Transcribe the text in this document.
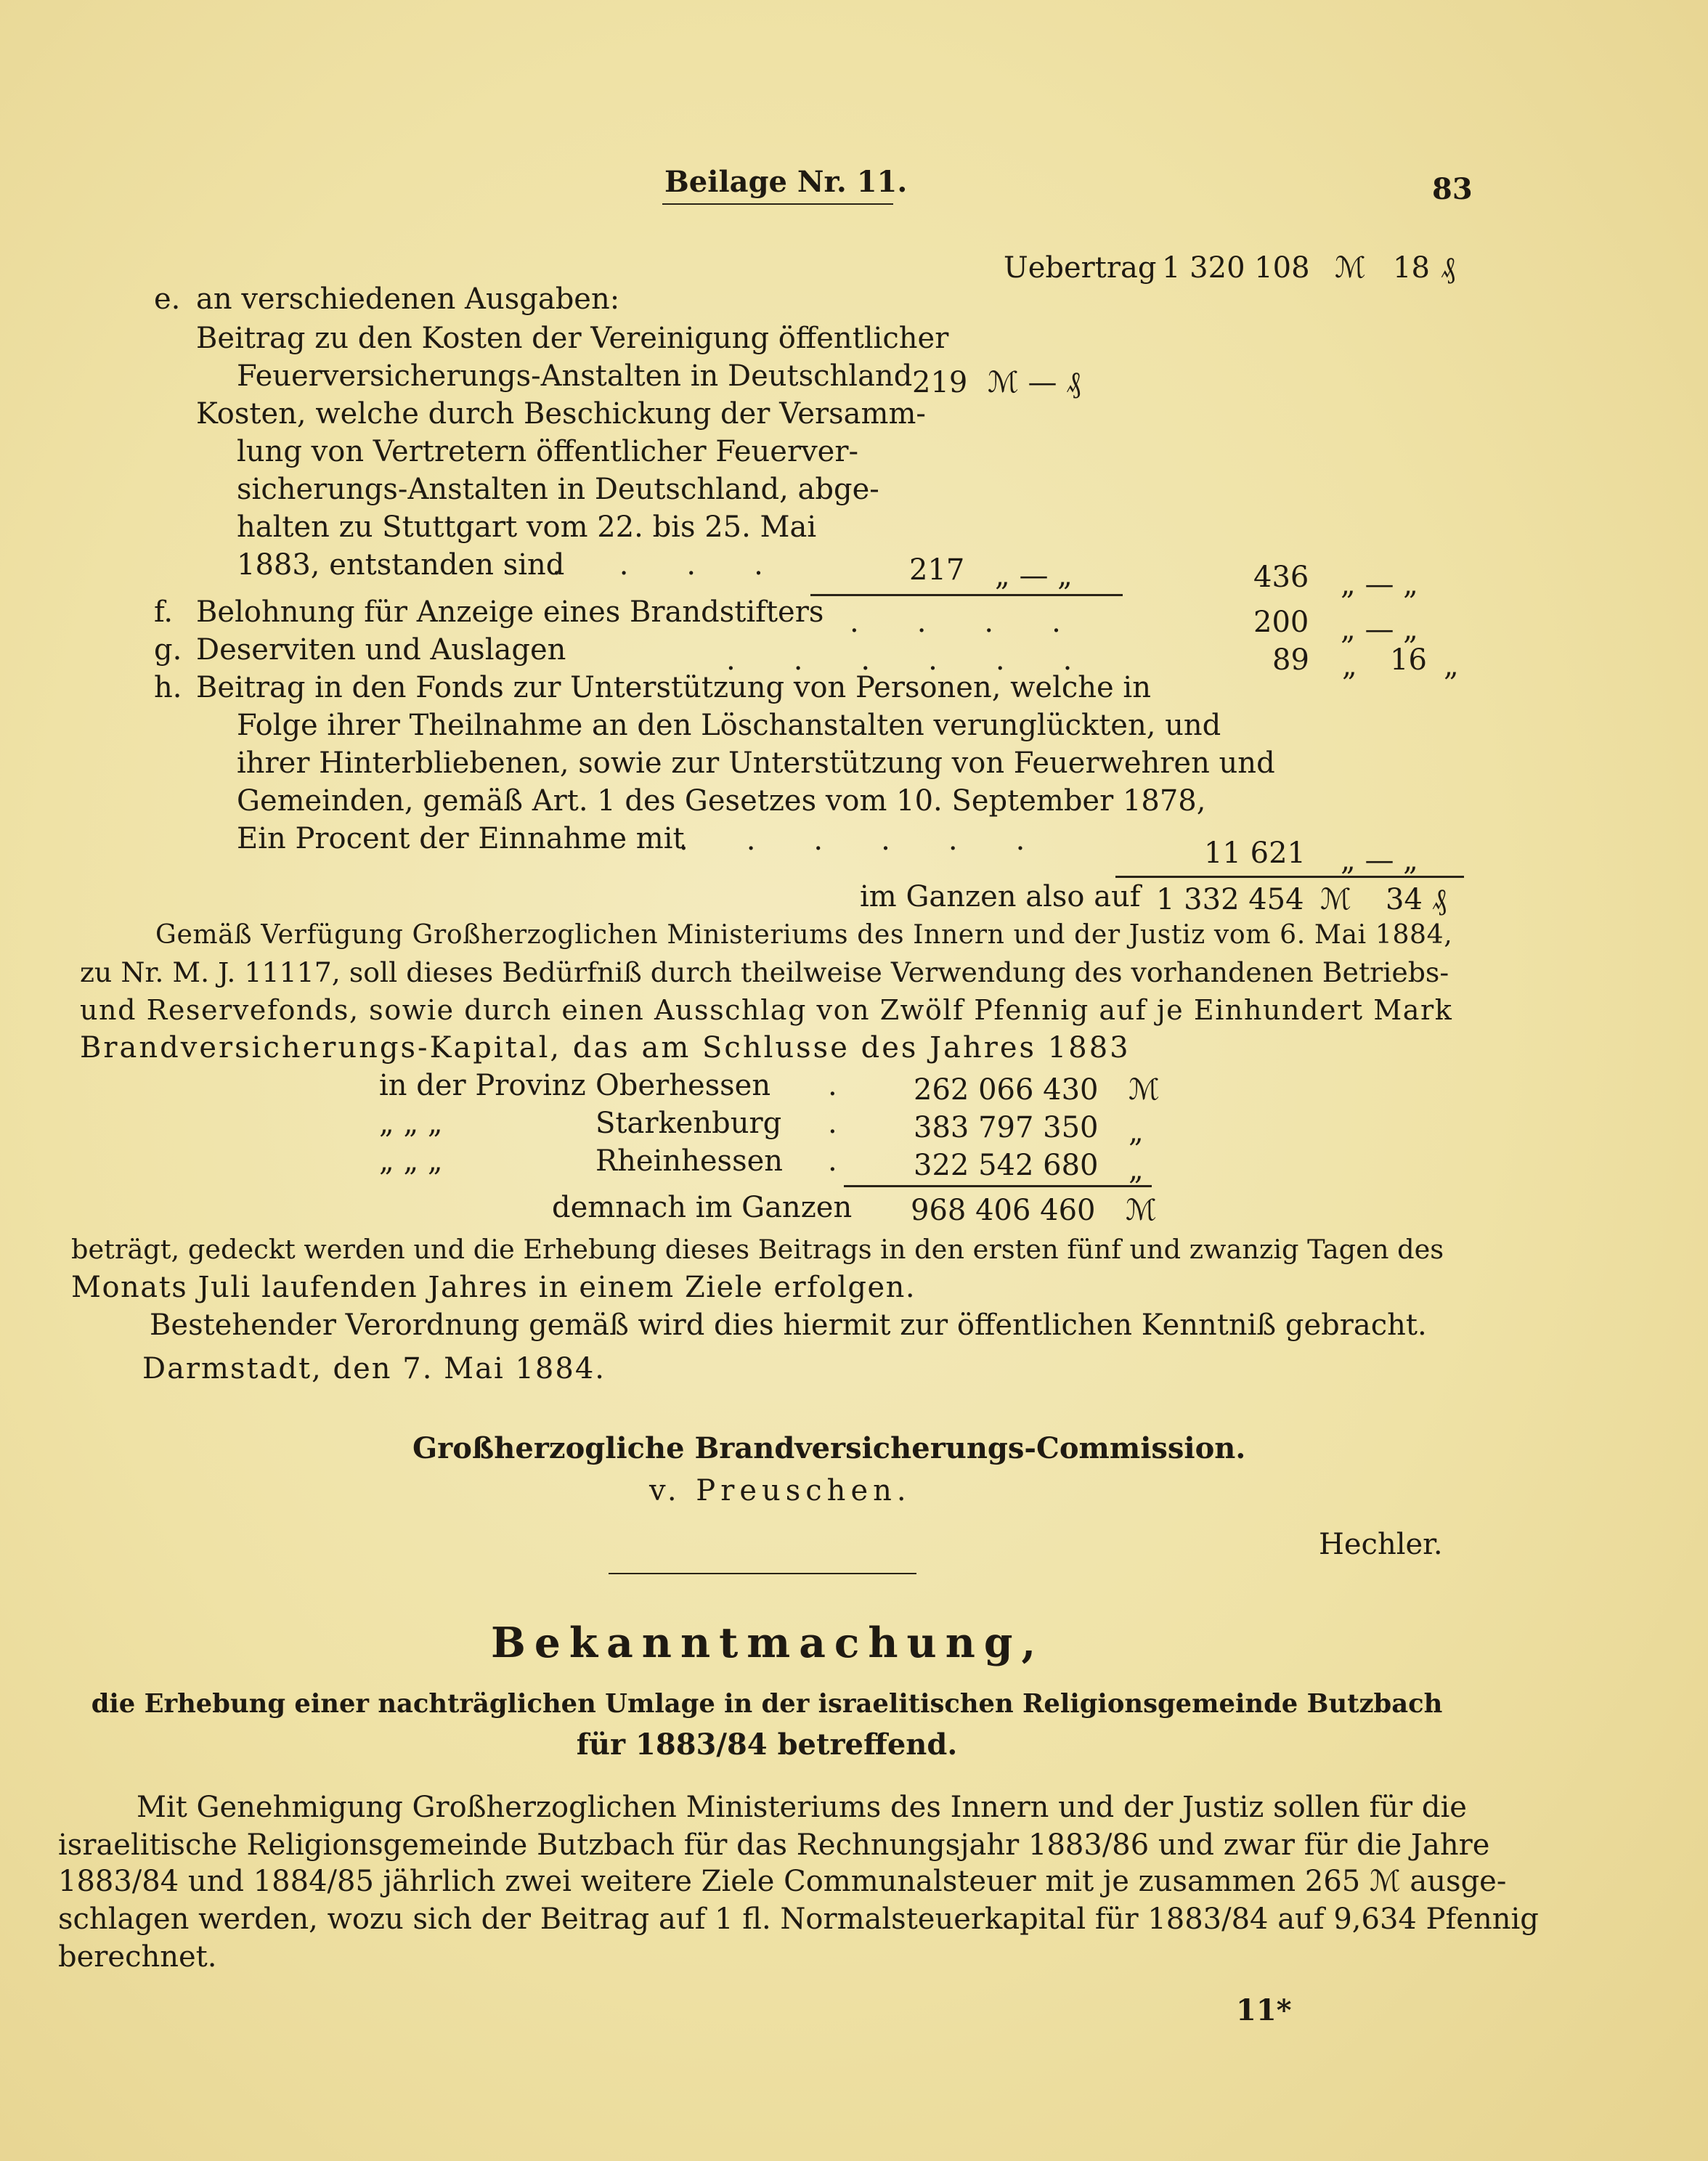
Beilage Nr. 11.	83
Uebertrag 1 320 108 ℳ 18 ₰
e. an verschiedenen Ausgaben:
Beitrag zu den Kosten der Vereinigung öffentlicher
Feuerversicherungs-Anstalten in Deutschland 219 ℳ — ₰
Kosten, welche durch Beschickung der Versamm-
lung von Vertretern öffentlicher Feuerver-
sicherungs-Anstalten in Deutschland, abge-
halten zu Stuttgart vom 22. bis 25. Mai
1883, entstanden sind
.  .  .  .	217 „ — „	436 „ — „
f. Belohnung für Anzeige eines Brandstifters .  .  .  .	200 „ — „
g. Deserviten und Auslagen	.  .  .  .  .  .	89 „ 16 „
h. Beitrag in den Fonds zur Unterstützung von Personen, welche in
Folge ihrer Theilnahme an den Löschanstalten verunglückten, und
ihrer Hinterbliebenen, sowie zur Unterstützung von Feuerwehren und
Gemeinden, gemäß Art. 1 des Gesetzes vom 10. September 1878,
Ein Procent der Einnahme mit
.  .  .  .  .  .	11 621 „ — „
im Ganzen also auf 1 332 454 ℳ 34 ₰
Gemäß Verfügung Großherzoglichen Ministeriums des Innern und der Justiz vom 6. Mai 1884,
zu Nr. M. J. 11117, soll dieses Bedürfniß durch theilweise Verwendung des vorhandenen Betriebs-
und Reservefonds, sowie durch einen Ausschlag von Zwölf Pfennig auf je Einhundert Mark
Brandversicherungs-Kapital, das am Schlusse des Jahres 1883
in der Provinz Oberhessen .	262 066 430 ℳ
„ „ „	Starkenburg .	383 797 350 „
„ „ „	Rheinhessen .	322 542 680 „
demnach im Ganzen 968 406 460 ℳ
beträgt, gedeckt werden und die Erhebung dieses Beitrags in den ersten fünf und zwanzig Tagen des
Monats Juli laufenden Jahres in einem Ziele erfolgen.
Bestehender Verordnung gemäß wird dies hiermit zur öffentlichen Kenntniß gebracht.
Darmstadt, den 7. Mai 1884.
Großherzogliche Brandversicherungs-Commission.
v. Preuschen.
Hechler.
Bekanntmachung,
die Erhebung einer nachträglichen Umlage in der israelitischen Religionsgemeinde Butzbach
für 1883/84 betreffend.
Mit Genehmigung Großherzoglichen Ministeriums des Innern und der Justiz sollen für die
israelitische Religionsgemeinde Butzbach für das Rechnungsjahr 1883/86 und zwar für die Jahre
1883/84 und 1884/85 jährlich zwei weitere Ziele Communalsteuer mit je zusammen 265 ℳ ausge-
schlagen werden, wozu sich der Beitrag auf 1 fl. Normalsteuerkapital für 1883/84 auf 9,634 Pfennig
berechnet.
11*
